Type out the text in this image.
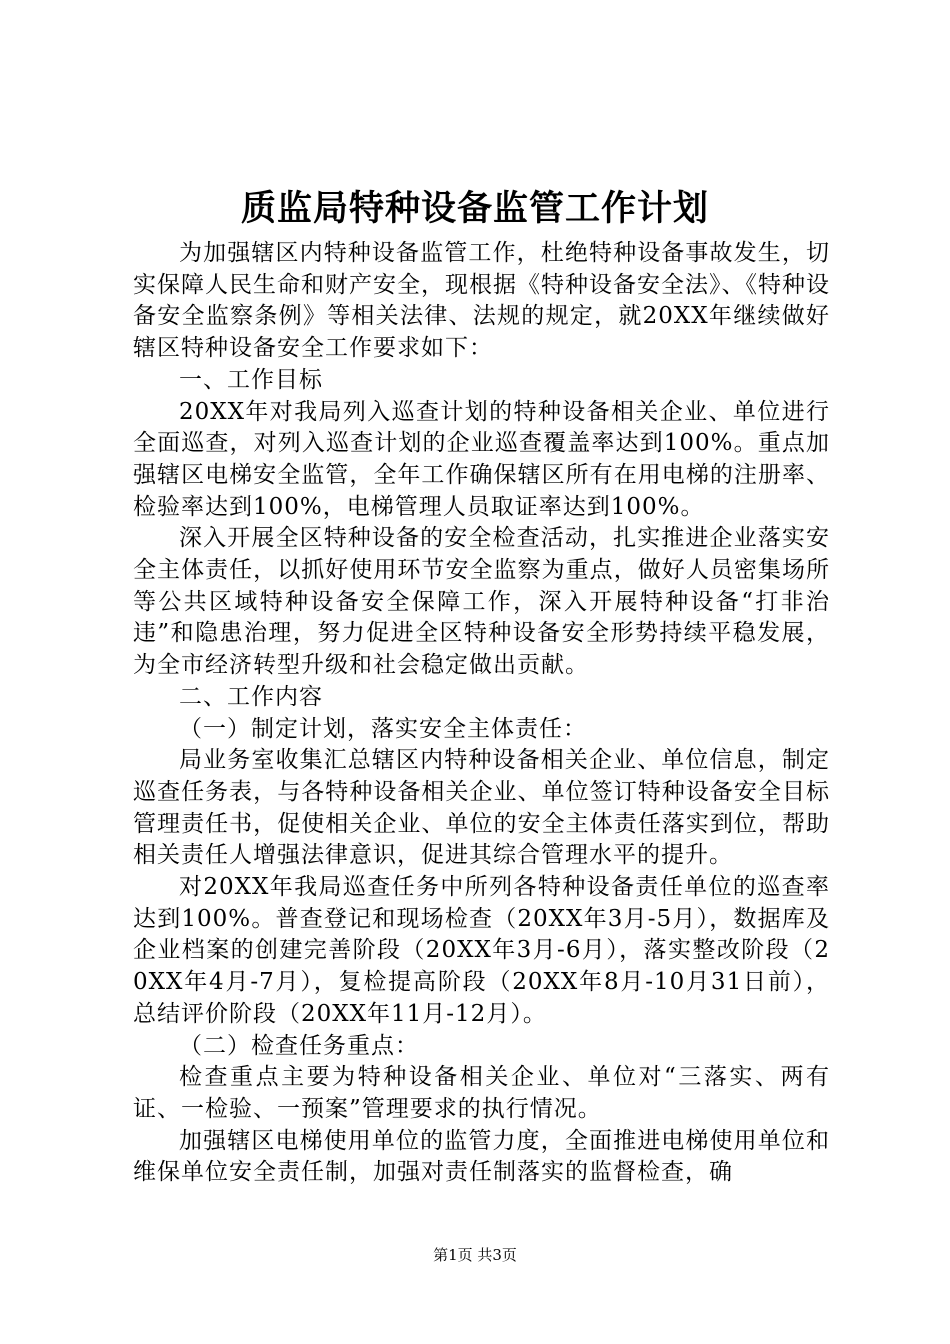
质监局特种设备监管工作计划

为加强辖区内特种设备监管工作，杜绝特种设备事故发生，切实保障人民生命和财产安全，现根据《特种设备安全法》、《特种设备安全监察条例》等相关法律、法规的规定，就20XX年继续做好辖区特种设备安全工作要求如下：

一、工作目标

20XX年对我局列入巡查计划的特种设备相关企业、单位进行全面巡查，对列入巡查计划的企业巡查覆盖率达到100%。重点加强辖区电梯安全监管，全年工作确保辖区所有在用电梯的注册率、检验率达到100%，电梯管理人员取证率达到100%。

深入开展全区特种设备的安全检查活动，扎实推进企业落实安全主体责任，以抓好使用环节安全监察为重点，做好人员密集场所等公共区域特种设备安全保障工作，深入开展特种设备“打非治违”和隐患治理，努力促进全区特种设备安全形势持续平稳发展，为全市经济转型升级和社会稳定做出贡献。

二、工作内容

（一）制定计划，落实安全主体责任：

局业务室收集汇总辖区内特种设备相关企业、单位信息，制定巡查任务表，与各特种设备相关企业、单位签订特种设备安全目标管理责任书，促使相关企业、单位的安全主体责任落实到位，帮助相关责任人增强法律意识，促进其综合管理水平的提升。

对20XX年我局巡查任务中所列各特种设备责任单位的巡查率达到100%。普查登记和现场检查（20XX年3月-5月），数据库及企业档案的创建完善阶段（20XX年3月-6月），落实整改阶段（20XX年4月-7月），复检提高阶段（20XX年8月-10月31日前），总结评价阶段（20XX年11月-12月）。

（二）检查任务重点：

检查重点主要为特种设备相关企业、单位对“三落实、两有证、一检验、一预案”管理要求的执行情况。

加强辖区电梯使用单位的监管力度，全面推进电梯使用单位和维保单位安全责任制，加强对责任制落实的监督检查，确

第1页 共3页
